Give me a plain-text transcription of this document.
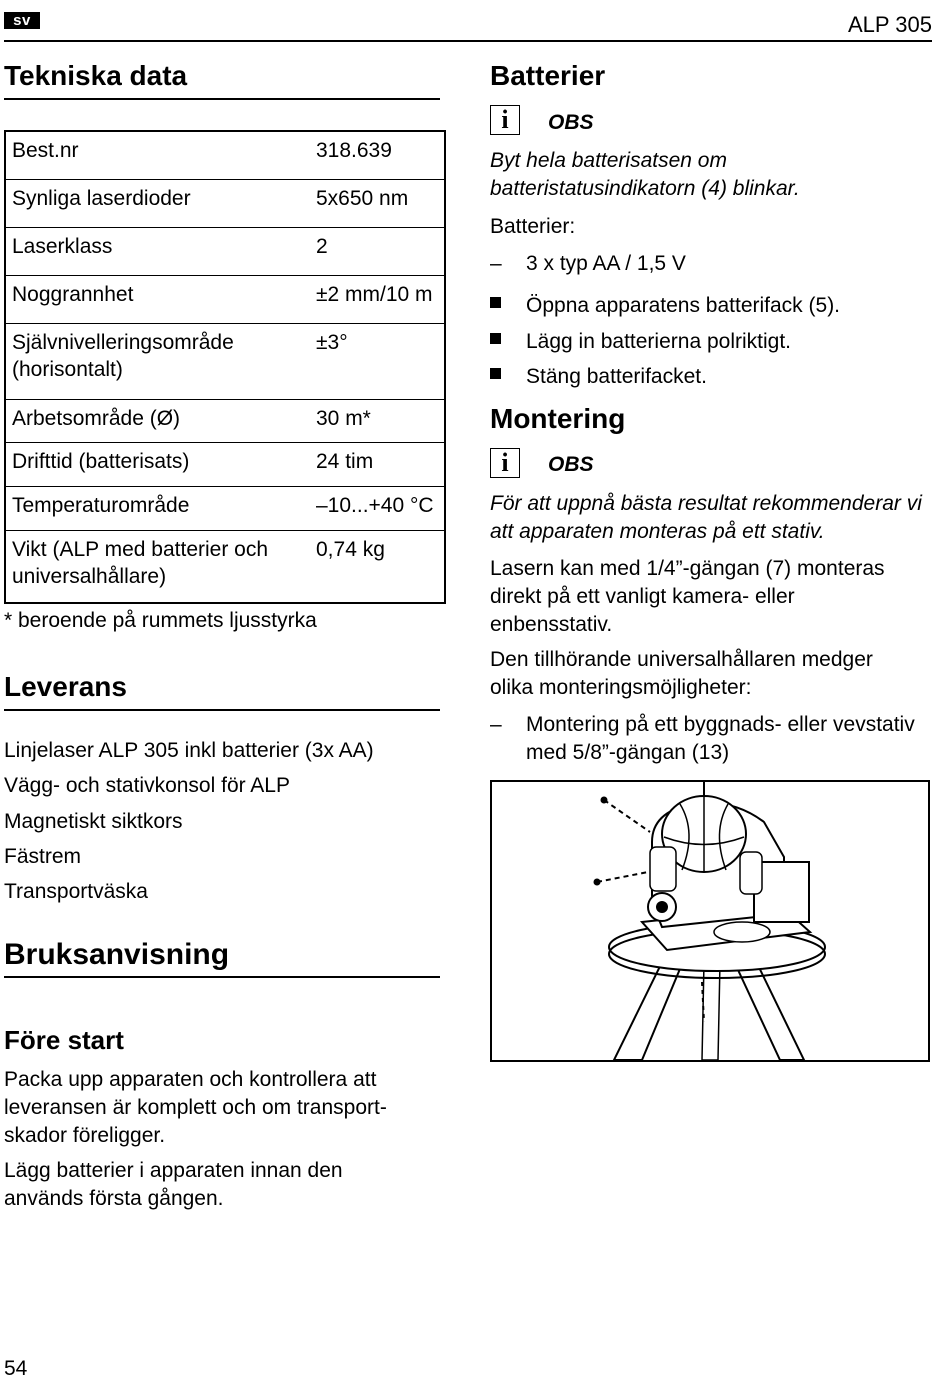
sv	ALP 305
Tekniska data
Best.nr	318.639
Synliga laserdioder	5x650 nm
Laserklass	2
Noggrannhet	±2 mm/10 m
Självnivelleringsområde (horisontalt)	±3°
Arbetsområde (Ø)	30 m*
Drifttid (batterisats)	24 tim
Temperaturområde	–10...+40 °C
Vikt (ALP med batterier och universalhållare)	0,74 kg
* beroende på rummets ljusstyrka
Leverans
Linjelaser ALP 305 inkl batterier (3x AA)
Vägg- och stativkonsol för ALP
Magnetiskt siktkors
Fästrem
Transportväska
Bruksanvisning
Före start
Packa upp apparaten och kontrollera att leveransen är komplett och om transport-skador föreligger.
Lägg batterier i apparaten innan den används första gången.
54
Batterier
i	OBS
Byt hela batterisatsen om batteristatusindikatorn (4) blinkar.
Batterier:
– 3 x typ AA / 1,5 V
Öppna apparatens batterifack (5).
Lägg in batterierna polriktigt.
Stäng batterifacket.
Montering
i	OBS
För att uppnå bästa resultat rekommenderar vi att apparaten monteras på ett stativ.
Lasern kan med 1/4”-gängan (7) monteras direkt på ett vanligt kamera- eller enbensstativ.
Den tillhörande universalhållaren medger olika monteringsmöjligheter:
– Montering på ett byggnads- eller vevstativ med 5/8”-gängan (13)
